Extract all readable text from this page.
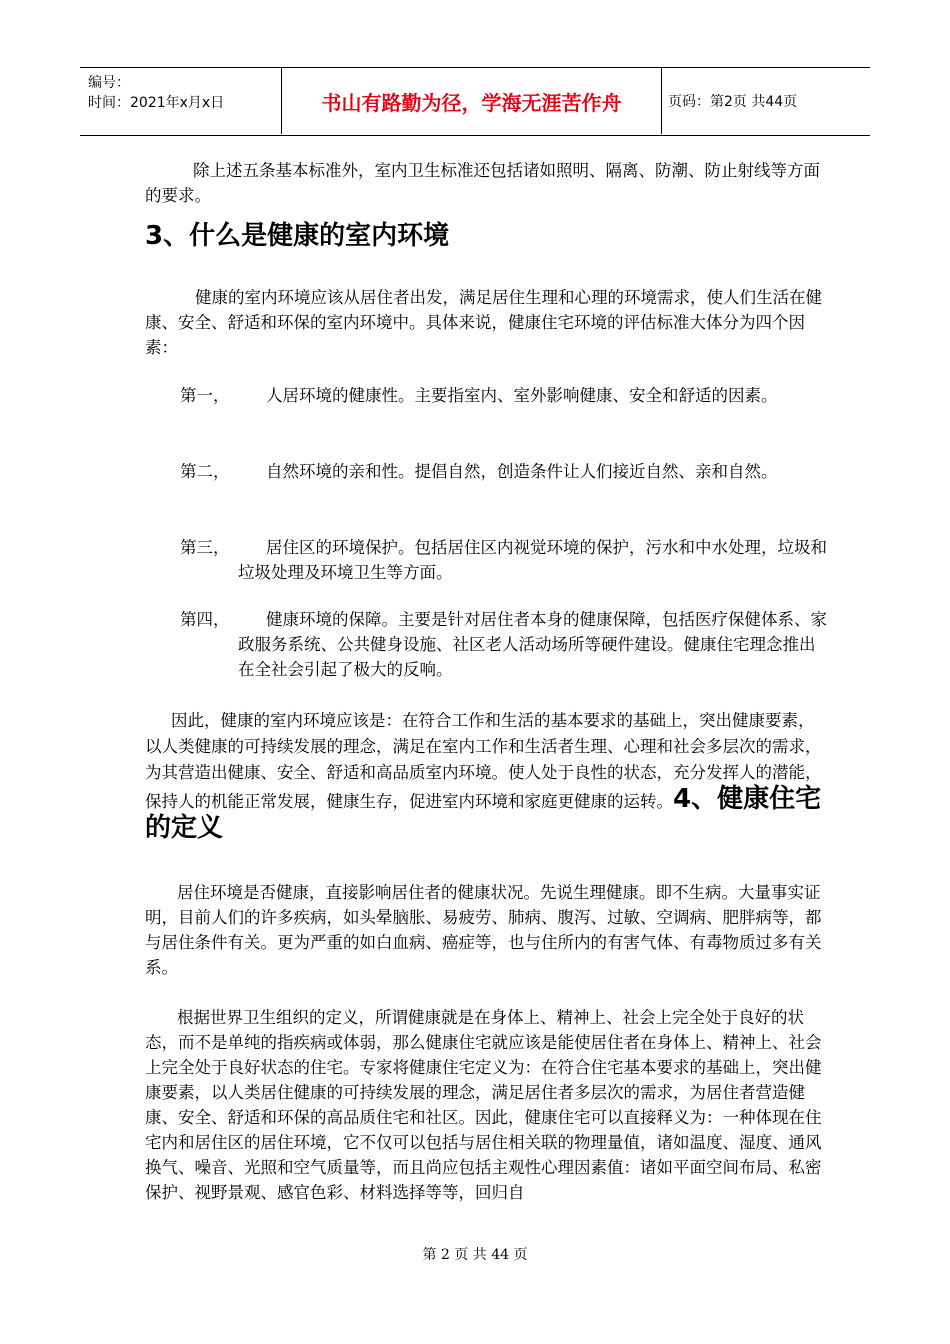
编号：
时间：2021年x月x日	书山有路勤为径，学海无涯苦作舟	页码：第2页 共44页

除上述五条基本标准外，室内卫生标准还包括诸如照明、隔离、防潮、防止射线等方面的要求。

3、什么是健康的室内环境

健康的室内环境应该从居住者出发，满足居住生理和心理的环境需求，使人们生活在健康、安全、舒适和环保的室内环境中。具体来说，健康住宅环境的评估标准大体分为四个因素：

第一，	人居环境的健康性。主要指室内、室外影响健康、安全和舒适的因素。
第二，	自然环境的亲和性。提倡自然，创造条件让人们接近自然、亲和自然。
第三，	居住区的环境保护。包括居住区内视觉环境的保护，污水和中水处理，垃圾和垃圾处理及环境卫生等方面。
第四，	健康环境的保障。主要是针对居住者本身的健康保障，包括医疗保健体系、家政服务系统、公共健身设施、社区老人活动场所等硬件建设。健康住宅理念推出在全社会引起了极大的反响。
因此，健康的室内环境应该是：在符合工作和生活的基本要求的基础上，突出健康要素，以人类健康的可持续发展的理念，满足在室内工作和生活者生理、心理和社会多层次的需求，为其营造出健康、安全、舒适和高品质室内环境。使人处于良性的状态，充分发挥人的潜能，保持人的机能正常发展，健康生存，促进室内环境和家庭更健康的运转。4、健康住宅的定义

居住环境是否健康，直接影响居住者的健康状况。先说生理健康。即不生病。大量事实证明，目前人们的许多疾病，如头晕脑胀、易疲劳、肺病、腹泻、过敏、空调病、肥胖病等，都与居住条件有关。更为严重的如白血病、癌症等，也与住所内的有害气体、有毒物质过多有关系。

根据世界卫生组织的定义，所谓健康就是在身体上、精神上、社会上完全处于良好的状态，而不是单纯的指疾病或体弱，那么健康住宅就应该是能使居住者在身体上、精神上、社会上完全处于良好状态的住宅。专家将健康住宅定义为：在符合住宅基本要求的基础上，突出健康要素，以人类居住健康的可持续发展的理念，满足居住者多层次的需求，为居住者营造健康、安全、舒适和环保的高品质住宅和社区。因此，健康住宅可以直接释义为：一种体现在住宅内和居住区的居住环境，它不仅可以包括与居住相关联的物理量值，诸如温度、湿度、通风换气、噪音、光照和空气质量等，而且尚应包括主观性心理因素值：诸如平面空间布局、私密保护、视野景观、感官色彩、材料选择等等，回归自

第 2 页 共 44 页
